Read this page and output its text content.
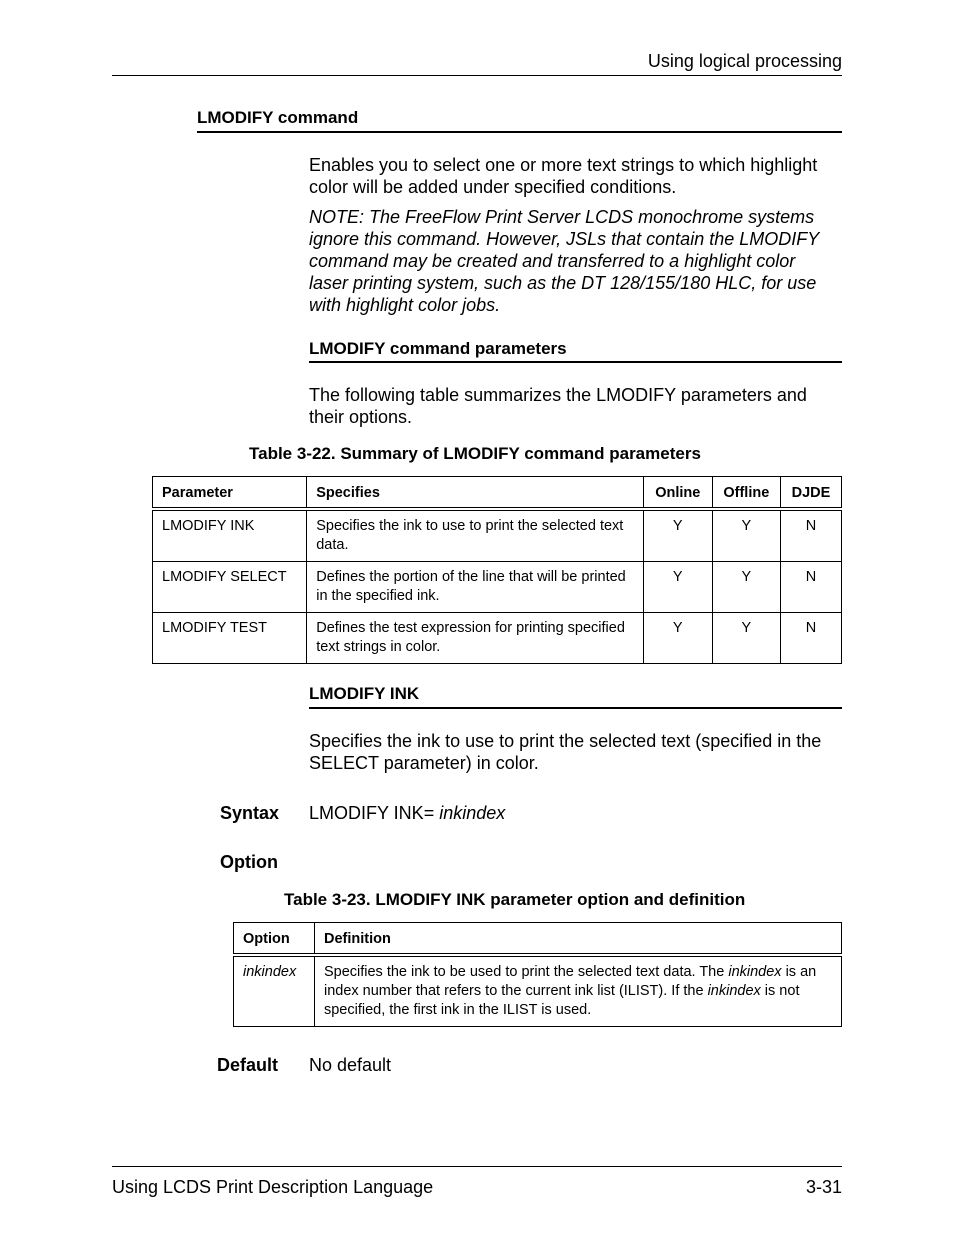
Using logical processing
LMODIFY command
Enables you to select one or more text strings to which highlight color will be added under specified conditions.
NOTE: The FreeFlow Print Server LCDS monochrome systems
ignore this command. However, JSLs that contain the LMODIFY
command may be created and transferred to a highlight color
laser printing system, such as the DT 128/155/180 HLC, for use
with highlight color jobs.
LMODIFY command parameters
The following table summarizes the LMODIFY parameters and their options.
Table 3-22. Summary of LMODIFY command parameters
Parameter	Specifies	Online	Offline	DJDE
LMODIFY INK	Specifies the ink to use to print the selected text data.	Y	Y	N
LMODIFY SELECT	Defines the portion of the line that will be printed in the specified ink.	Y	Y	N
LMODIFY TEST	Defines the test expression for printing specified text strings in color.	Y	Y	N
LMODIFY INK
Specifies the ink to use to print the selected text (specified in the SELECT parameter) in color.
Syntax LMODIFY INK= inkindex
Option
Table 3-23. LMODIFY INK parameter option and definition
Option	Definition
inkindex	Specifies the ink to be used to print the selected text data. The inkindex is an index number that refers to the current ink list (ILIST). If the inkindex is not specified, the first ink in the ILIST is used.
Default No default
Using LCDS Print Description Language	3-31
